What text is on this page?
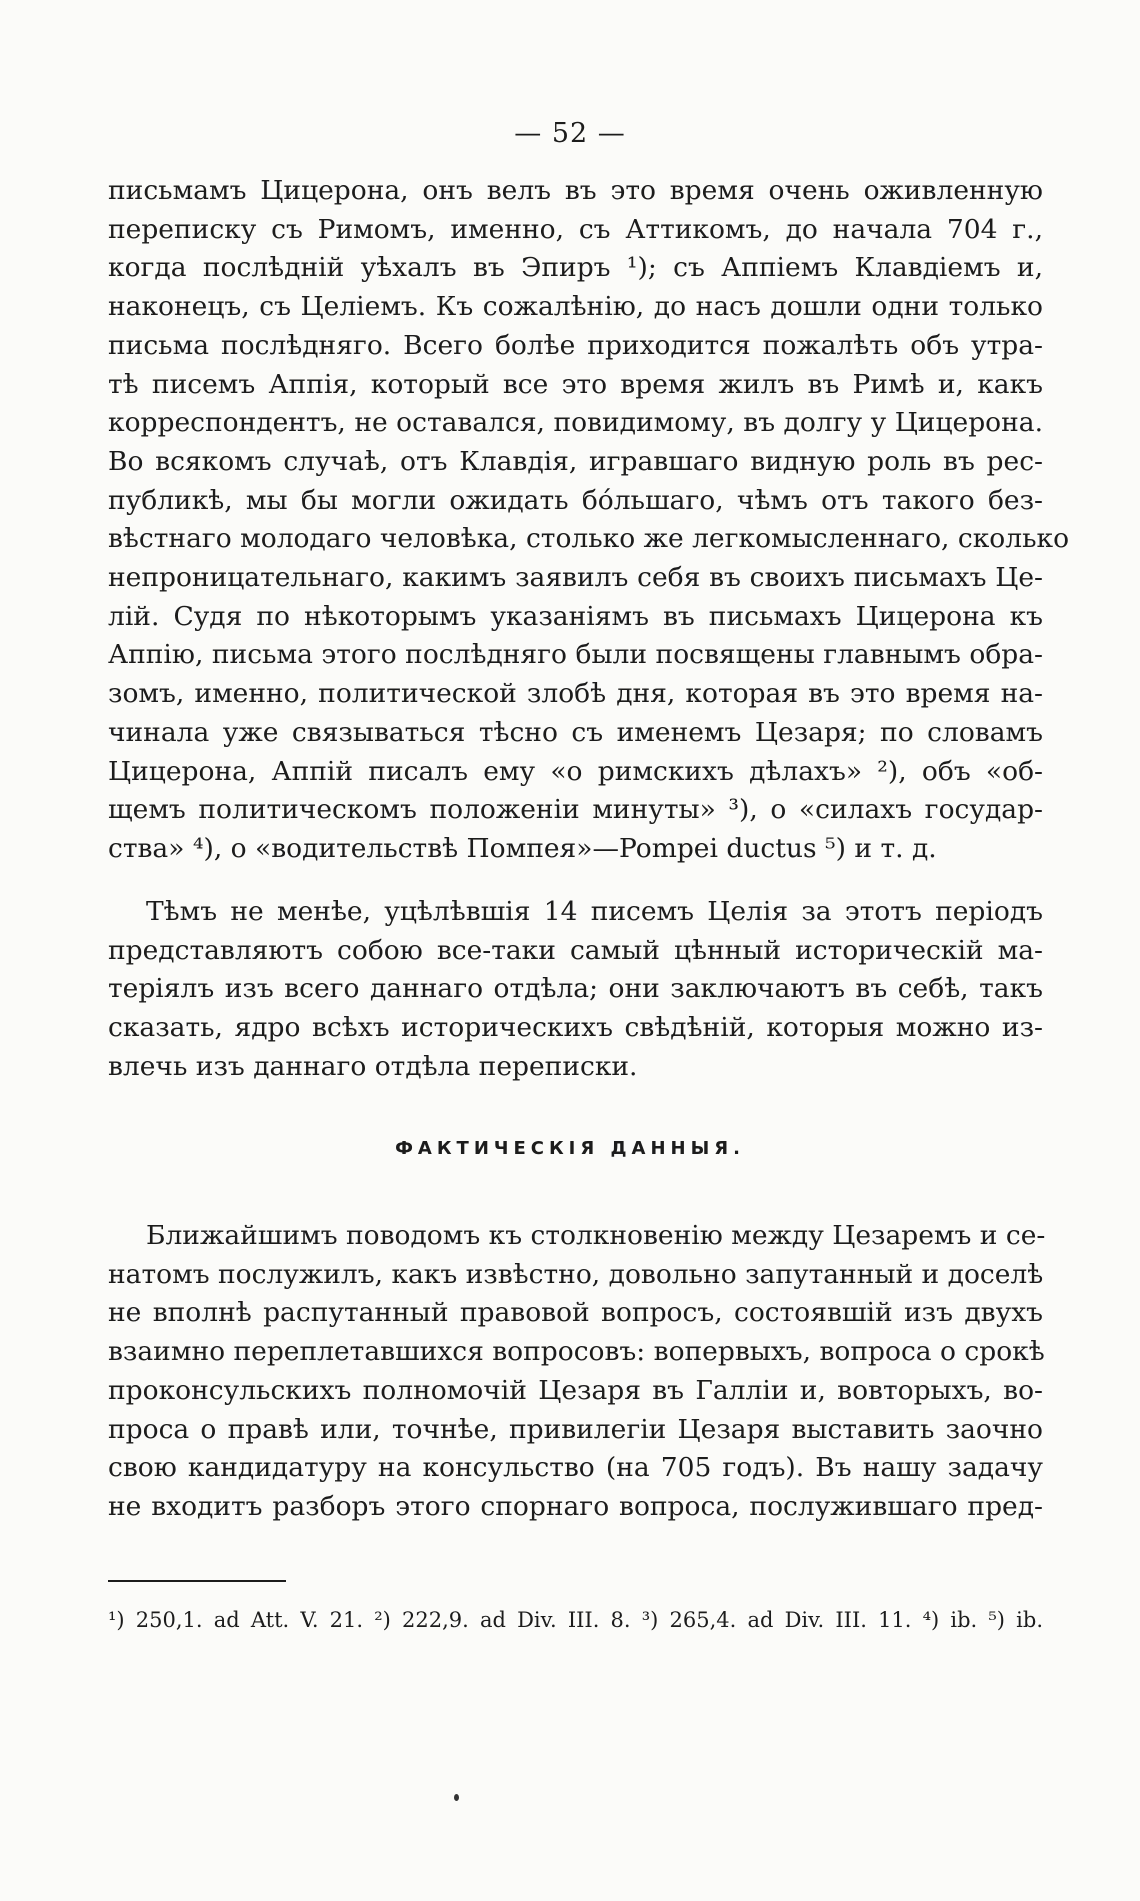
— 52 —
письмамъ Цицерона, онъ велъ въ это время очень оживленную
переписку съ Римомъ, именно, съ Аттикомъ, до начала 704 г.,
когда послѣдній уѣхалъ въ Эпиръ ¹); съ Аппіемъ Клавдіемъ и,
наконецъ, съ Целіемъ. Къ сожалѣнію, до насъ дошли одни только
письма послѣдняго. Всего болѣе приходится пожалѣть объ утра-
тѣ писемъ Аппія, который все это время жилъ въ Римѣ и, какъ
корреспондентъ, не оставался, повидимому, въ долгу у Цицерона.
Во всякомъ случаѣ, отъ Клавдія, игравшаго видную роль въ рес-
публикѣ, мы бы могли ожидать бо́льшаго, чѣмъ отъ такого без-
вѣстнаго молодаго человѣка, столько же легкомысленнаго, сколько
непроницательнаго, какимъ заявилъ себя въ своихъ письмахъ Це-
лій. Судя по нѣкоторымъ указаніямъ въ письмахъ Цицерона къ
Аппію, письма этого послѣдняго были посвящены главнымъ обра-
зомъ, именно, политической злобѣ дня, которая въ это время на-
чинала уже связываться тѣсно съ именемъ Цезаря; по словамъ
Цицерона, Аппій писалъ ему «о римскихъ дѣлахъ» ²), объ «об-
щемъ политическомъ положеніи минуты» ³), о «силахъ государ-
ства» ⁴), о «водительствѣ Помпея»—Pompei ductus ⁵) и т. д.
Тѣмъ не менѣе, уцѣлѣвшія 14 писемъ Целія за этотъ періодъ
представляютъ собою все-таки самый цѣнный историческій ма-
теріялъ изъ всего даннаго отдѣла; они заключаютъ въ себѣ, такъ
сказать, ядро всѣхъ историческихъ свѣдѣній, которыя можно из-
влечь изъ даннаго отдѣла переписки.
ФАКТИЧЕСКІЯ ДАННЫЯ.
Ближайшимъ поводомъ къ столкновенію между Цезаремъ и се-
натомъ послужилъ, какъ извѣстно, довольно запутанный и доселѣ
не вполнѣ распутанный правовой вопросъ, состоявшій изъ двухъ
взаимно переплетавшихся вопросовъ: вопервыхъ, вопроса о срокѣ
проконсульскихъ полномочій Цезаря въ Галліи и, вовторыхъ, во-
проса о правѣ или, точнѣе, привилегіи Цезаря выставить заочно
свою кандидатуру на консульство (на 705 годъ). Въ нашу задачу
не входитъ разборъ этого спорнаго вопроса, послужившаго пред-
¹) 250,1. ad Att. V. 21. ²) 222,9. ad Div. III. 8. ³) 265,4. ad Div. III. 11. ⁴) ib. ⁵) ib.
